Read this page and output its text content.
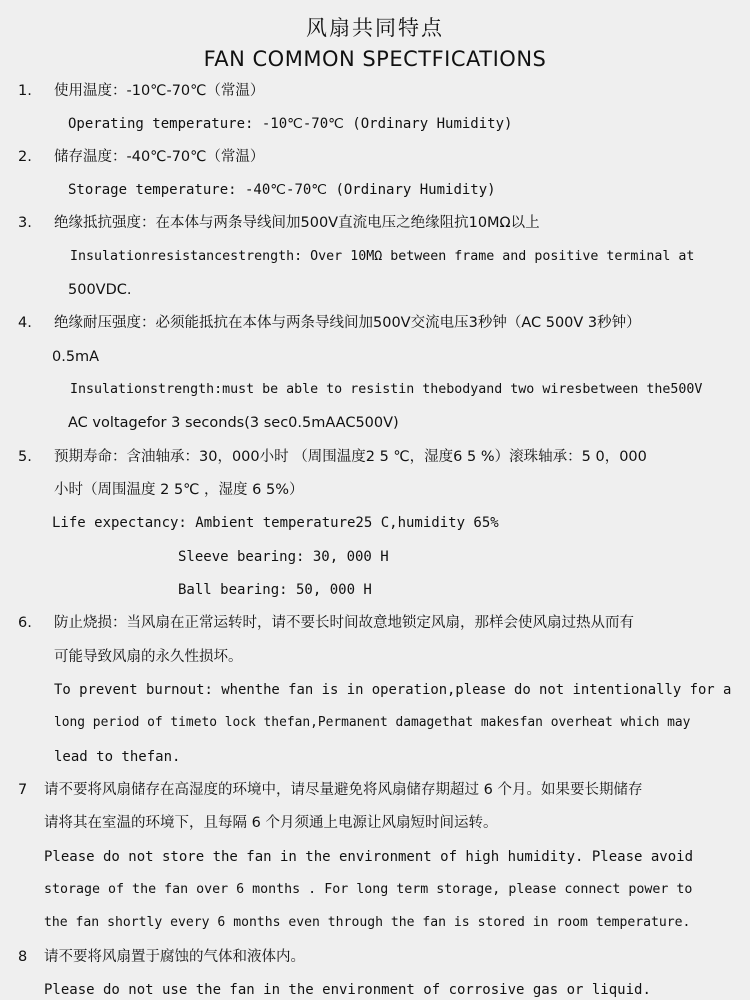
风扇共同特点
FAN COMMON SPECTFICATIONS
1. 使用温度：-10℃-70℃（常温）
Operating temperature: -10℃-70℃ (Ordinary Humidity)
2. 储存温度：-40℃-70℃（常温）
Storage temperature: -40℃-70℃ (Ordinary Humidity)
3. 绝缘抵抗强度：在本体与两条导线间加500V直流电压之绝缘阻抗10MΩ以上
Insulationresistancestrength: Over 10MΩ between frame and positive terminal at
500VDC.
4. 绝缘耐压强度：必须能抵抗在本体与两条导线间加500V交流电压3秒钟（AC 500V 3秒钟）
0.5mA
Insulationstrength:must be able to resistin thebodyand two wiresbetween the500V
AC voltagefor 3 seconds(3 sec0.5mAAC500V)
5. 预期寿命：含油轴承：30，000小时 （周围温度2 5 ℃，湿度6 5 %）滚珠轴承：5 0，000
小时（周围温度 2 5℃ ，湿度 6 5%）
Life expectancy: Ambient temperature25 C,humidity 65%
Sleeve bearing: 30, 000 H
Ball bearing: 50, 000 H
6. 防止烧损：当风扇在正常运转时，请不要长时间故意地锁定风扇，那样会使风扇过热从而有
可能导致风扇的永久性损坏。
To prevent burnout: whenthe fan is in operation,please do not intentionally for a
long period of timeto lock thefan,Permanent damagethat makesfan overheat which may
lead to thefan.
7 请不要将风扇储存在高湿度的环境中，请尽量避免将风扇储存期超过 6 个月。如果要长期储存
请将其在室温的环境下，且每隔 6 个月须通上电源让风扇短时间运转。
Please do not store the fan in the environment of high humidity. Please avoid
storage of the fan over 6 months . For long term storage, please connect power to
the fan shortly every 6 months even through the fan is stored in room temperature.
8 请不要将风扇置于腐蚀的气体和液体内。
Please do not use the fan in the environment of corrosive gas or liquid.
